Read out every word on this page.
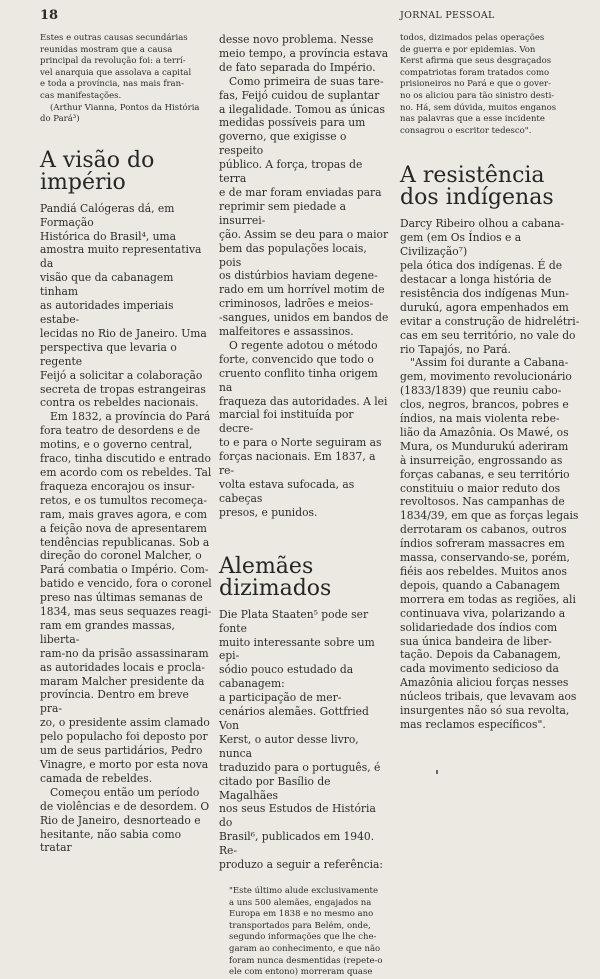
18	JORNAL PESSOAL

Estes e outras causas secundárias

reunidas mostram que a causa

principal da revolução foi: a terrí-

vel anarquia que assolava a capital

e toda a província, nas mais fran-

cas manifestações.

(Arthur Vianna, Pontos da História

do Pará³)

A visão do
império

Pandiá Calógeras dá, em Formação

Histórica do Brasil⁴, uma

amostra muito representativa da

visão que da cabanagem tinham

as autoridades imperiais estabe-

lecidas no Rio de Janeiro. Uma

perspectiva que levaria o regente

Feijó a solicitar a colaboração

secreta de tropas estrangeiras

contra os rebeldes nacionais.

Em 1832, a província do Pará

fora teatro de desordens e de

motins, e o governo central,

fraco, tinha discutido e entrado

em acordo com os rebeldes. Tal

fraqueza encorajou os insur-

retos, e os tumultos recomeça-

ram, mais graves agora, e com

a feição nova de apresentarem

tendências republicanas. Sob a

direção do coronel Malcher, o

Pará combatia o Império. Com-

batido e vencido, fora o coronel

preso nas últimas semanas de

1834, mas seus sequazes reagi-

ram em grandes massas, liberta-

ram-no da prisão assassinaram

as autoridades locais e procla-

maram Malcher presidente da

província. Dentro em breve pra-

zo, o presidente assim clamado

pelo populacho foi deposto por

um de seus partidários, Pedro

Vinagre, e morto por esta nova

camada de rebeldes.

Começou então um período

de violências e de desordem. O

Rio de Janeiro, desnorteado e

hesitante, não sabia como tratar

desse novo problema. Nesse

meio tempo, a província estava

de fato separada do Império.

Como primeira de suas tare-

fas, Feijó cuidou de suplantar

a ilegalidade. Tomou as únicas

medidas possíveis para um

governo, que exigisse o respeito

público. A força, tropas de terra

e de mar foram enviadas para

reprimir sem piedade a insurrei-

ção. Assim se deu para o maior

bem das populações locais, pois

os distúrbios haviam degene-

rado em um horrível motim de

criminosos, ladrões e meios-

-sangues, unidos em bandos de

malfeitores e assassinos.

O regente adotou o método

forte, convencido que todo o

cruento conflito tinha origem na

fraqueza das autoridades. A lei

marcial foi instituída por decre-

to e para o Norte seguiram as

forças nacionais. Em 1837, a re-

volta estava sufocada, as cabeças

presos, e punidos.

Alemães
dizimados

Die Plata Staaten⁵ pode ser fonte

muito interessante sobre um epi-

sódio pouco estudado da cabanagem:

a participação de mer-

cenários alemães. Gottfried Von

Kerst, o autor desse livro, nunca

traduzido para o português, é

citado por Basílio de Magalhães

nos seus Estudos de História do

Brasil⁶, publicados em 1940. Re-

produzo a seguir a referência:

"Este último alude exclusivamente

a uns 500 alemães, engajados na

Europa em 1838 e no mesmo ano

transportados para Belém, onde,

segundo informações que lhe che-

garam ao conhecimento, e que não

foram nunca desmentidas (repete-o

ele com entono) morreram quase

todos, dizimados pelas operações

de guerra e por epidemias. Von

Kerst afirma que seus desgraçados

compatriotas foram tratados como

prisioneiros no Pará e que o gover-

no os aliciou para tão sinistro desti-

no. Há, sem dúvida, muitos enganos

nas palavras que a esse incidente

consagrou o escritor tedesco".

A resistência
dos indígenas

Darcy Ribeiro olhou a cabana-

gem (em Os Índios e a Civilização⁷)

pela ótica dos indígenas. É de

destacar a longa história de

resistência dos indígenas Mun-

durukú, agora empenhados em

evitar a construção de hidrelétri-

cas em seu território, no vale do

rio Tapajós, no Pará.

"Assim foi durante a Cabana-

gem, movimento revolucionário

(1833/1839) que reuniu cabo-

clos, negros, brancos, pobres e

índios, na mais violenta rebe-

lião da Amazônia. Os Mawé, os

Mura, os Mundurukú aderiram

à insurreição, engrossando as

forças cabanas, e seu território

constituiu o maior reduto dos

revoltosos. Nas campanhas de

1834/39, em que as forças legais

derrotaram os cabanos, outros

índios sofreram massacres em

massa, conservando-se, porém,

fiéis aos rebeldes. Muitos anos

depois, quando a Cabanagem

morrera em todas as regiões, ali

continuava viva, polarizando a

solidariedade dos índios com

sua única bandeira de liber-

tação. Depois da Cabanagem,

cada movimento sedicioso da

Amazônia aliciou forças nesses

núcleos tribais, que levavam aos

insurgentes não só sua revolta,

mas reclamos específicos".
